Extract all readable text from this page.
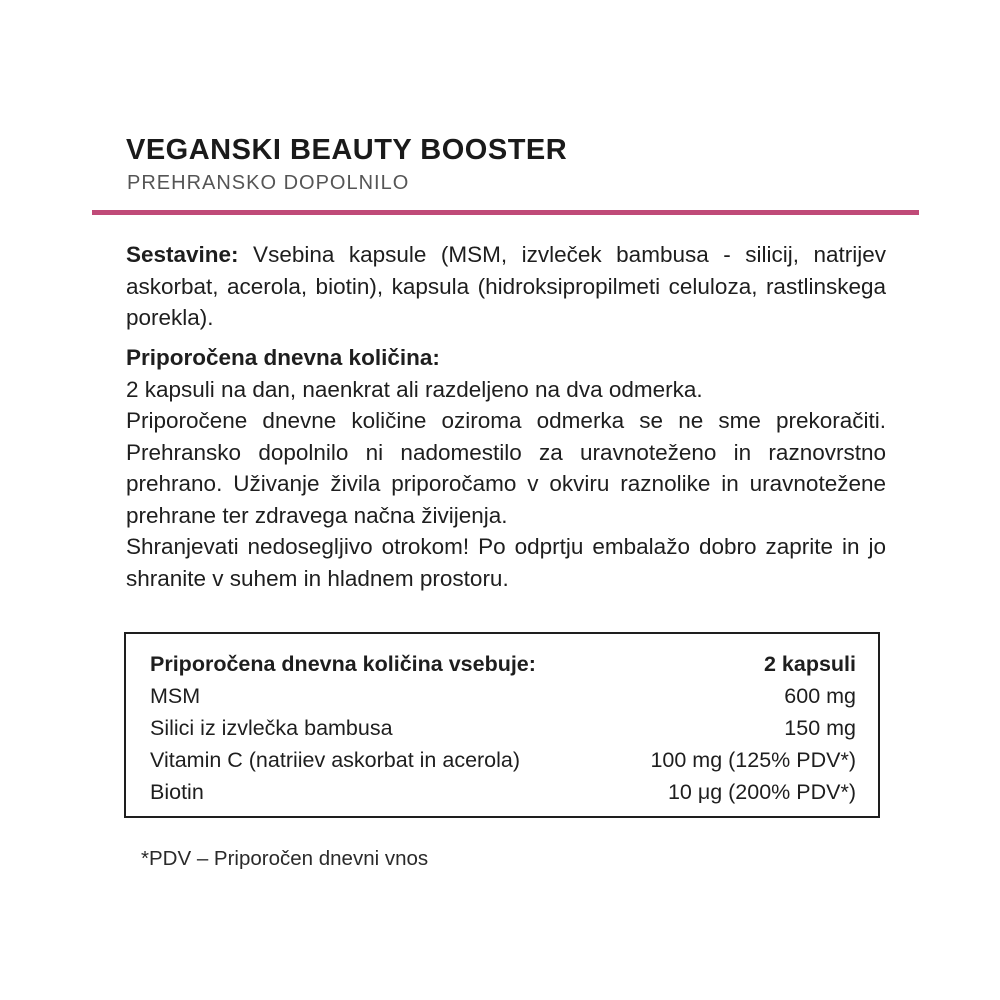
VEGANSKI BEAUTY BOOSTER
PREHRANSKO DOPOLNILO

Sestavine: Vsebina kapsule (MSM, izvleček bambusa - silicij, natrijev askorbat, acerola, biotin), kapsula (hidroksipropilmeti celuloza, rastlinskega porekla).

Priporočena dnevna količina:

2 kapsuli na dan, naenkrat ali razdeljeno na dva odmerka.

Priporočene dnevne količine oziroma odmerka se ne sme prekoračiti. Prehransko dopolnilo ni nadomestilo za uravnoteženo in raznovrstno prehrano. Uživanje živila priporočamo v okviru raznolike in uravnotežene prehrane ter zdravega načna živijenja.

Shranjevati nedosegljivo otrokom! Po odprtju embalažo dobro zaprite in jo shranite v suhem in hladnem prostoru.

Priporočena dnevna količina vsebuje:	2 kapsuli
MSM	600 mg
Silici iz izvlečka bambusa	150 mg
Vitamin C (natriiev askorbat in acerola)	100 mg (125% PDV*)
Biotin	10 μg (200% PDV*)
*PDV – Priporočen dnevni vnos
